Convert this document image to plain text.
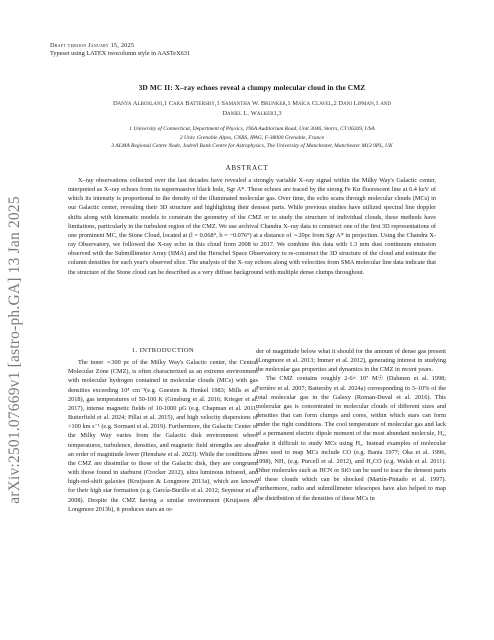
arXiv:2501.07669v1 [astro-ph.GA] 13 Jan 2025
Draft version January 15, 2025
Typeset using LATEX twocolumn style in AASTeX631
3D MC II: X–ray echoes reveal a clumpy molecular cloud in the CMZ
Danya Alboslani,1 Cara Battersby,1 Samantha W. Brunker,1 Maïca Clavel,2 Dani Lipman,1 and
Daniel L. Walker1,3
1 University of Connecticut, Department of Physics, 196A Auditorium Road, Unit 3046, Storrs, CT 06269, USA
2 Univ. Grenoble Alpes, CNRS, IPAG, F-38000 Grenoble, France
3 ALMA Regional Centre Node, Jodrell Bank Centre for Astrophysics, The University of Manchester, Manchester M13 9PL, UK
ABSTRACT

X–ray observations collected over the last decades have revealed a strongly variable X–ray signal within the Milky Way's Galactic center, interpreted as X–ray echoes from its supermassive black hole, Sgr A*. These echoes are traced by the strong Fe Kα fluorescent line at 6.4 keV of which its intensity is proportional to the density of the illuminated molecular gas. Over time, the echo scans through molecular clouds (MCs) in our Galactic center, revealing their 3D structure and highlighting their densest parts. While previous studies have utilized spectral line doppler shifts along with kinematic models to constrain the geometry of the CMZ or to study the structure of individual clouds, these methods have limitations, particularly in the turbulent region of the CMZ. We use archival Chandra X–ray data to construct one of the first 3D representations of one prominent MC, the Stone Cloud, located at (l = 0.068°, b = −0.076°) at a distance of ∼20pc from Sgr A* in projection. Using the Chandra X-ray Observatory, we followed the X-ray echo in this cloud from 2008 to 2017. We combine this data with 1.3 mm dust continuum emission observed with the Submillimeter Array (SMA) and the Herschel Space Observatory to re-construct the 3D structure of the cloud and estimate the column densities for each year's observed slice. The analysis of the X–ray echoes along with velocities from SMA molecular line data indicate that the structure of the Stone cloud can be described as a very diffuse background with multiple dense clumps throughout.

1. INTRODUCTION

The inner ∼300 pc of the Milky Way's Galactic center, the Central Molecular Zone (CMZ), is often characterized as an extreme environment with molecular hydrogen contained in molecular clouds (MCs) with gas densities exceeding 10⁴ cm⁻³(e.g. Guesten & Henkel 1983; Mills et al. 2018), gas temperatures of 50-100 K (Ginsburg et al. 2016; Krieger et al. 2017), intense magnetic fields of 10-1000 μG (e.g. Chapman et al. 2011; Butterfield et al. 2024; Pillai et al. 2015), and high velocity dispersions of >100 km s⁻¹ (e.g. Sormani et al. 2019). Furthermore, the Galactic Center of the Milky Way varies from the Galactic disk environment where temperatures, turbulence, densities, and magnetic field strengths are about an order of magnitude lower (Henshaw et al. 2023). While the conditions in the CMZ are dissimilar to those of the Galactic disk, they are congruent with those found in starburst (Crocker 2012), ultra luminous infrared, and high-red-shift galaxies (Kruijssen & Longmore 2013a), which are known for their high star formation (e.g. García-Burillo et al. 2012; Seymour et al. 2008). Despite the CMZ having a similar environment (Kruijssen & Longmore 2013b), it produces stars an or-

der of magnitude below what it should for the amount of dense gas present (Longmore et al. 2013; Immer et al. 2012), generating interest in studying the molecular gas properties and dynamics in the CMZ in recent years.

The CMZ contains roughly 2-6× 10⁷ M☉ (Dahmen et al. 1998; Ferrière et al. 2007; Battersby et al. 2024a) corresponding to 3–10% of the total molecular gas in the Galaxy (Roman-Duval et al. 2016). This molecular gas is concentrated in molecular clouds of different sizes and densities that can form clumps and cores, within which stars can form under the right conditions. The cool temperature of molecular gas and lack of a permanent electric dipole moment of the most abundant molecule, H₂, make it difficult to study MCs using H₂. Instead examples of molecular lines used to map MCs include CO (e.g. Bania 1977; Oka et al. 1996, 1998), NH₃ (e.g. Purcell et al. 2012), and H₂CO (e.g. Walsh et al. 2011). Other molecules such as HCN or SiO can be used to trace the densest parts of these clouds which can be shocked (Martín-Pintado et al. 1997). Furthermore, radio and submillimeter telescopes have also helped to map the distribution of the densities of these MCs in
